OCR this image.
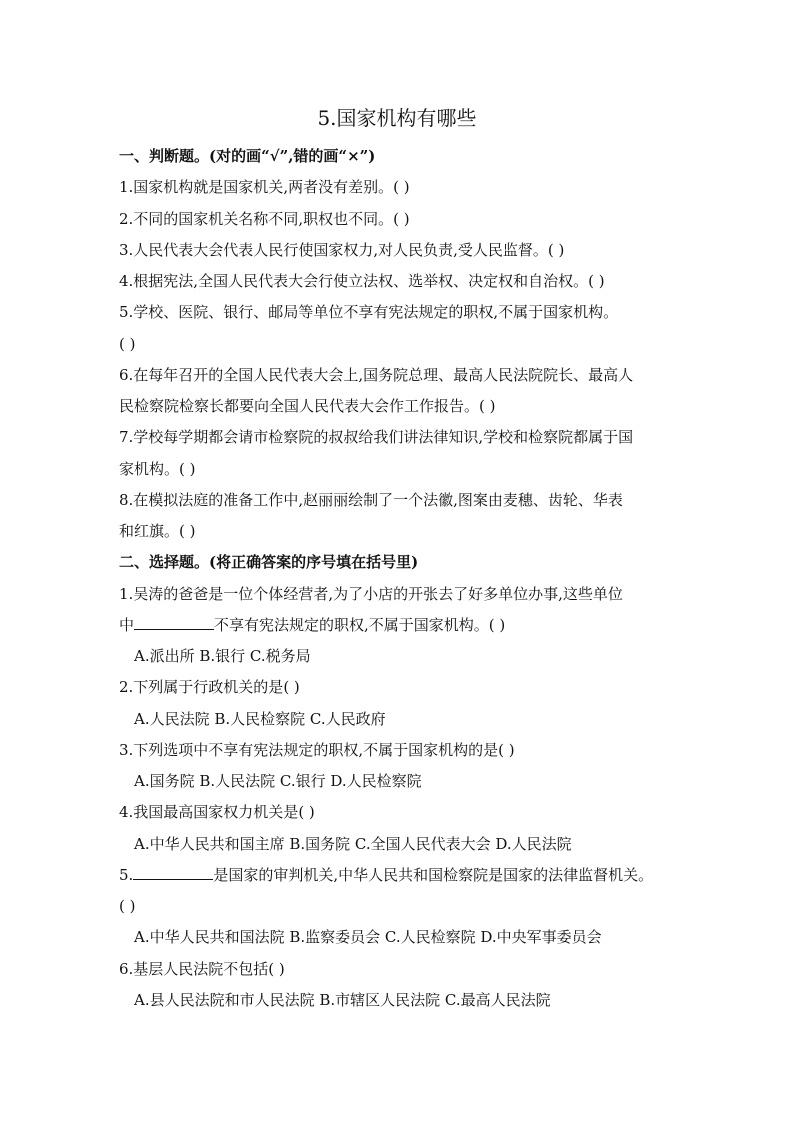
5.国家机构有哪些
一、判断题。(对的画“√”,错的画“×”)
1.国家机构就是国家机关,两者没有差别。( )
2.不同的国家机关名称不同,职权也不同。( )
3.人民代表大会代表人民行使国家权力,对人民负责,受人民监督。( )
4.根据宪法,全国人民代表大会行使立法权、选举权、决定权和自治权。( )
5.学校、医院、银行、邮局等单位不享有宪法规定的职权,不属于国家机构。
( )
6.在每年召开的全国人民代表大会上,国务院总理、最高人民法院院长、最高人
民检察院检察长都要向全国人民代表大会作工作报告。( )
7.学校每学期都会请市检察院的叔叔给我们讲法律知识,学校和检察院都属于国
家机构。( )
8.在模拟法庭的准备工作中,赵丽丽绘制了一个法徽,图案由麦穗、齿轮、华表
和红旗。( )
二、选择题。(将正确答案的序号填在括号里)
1.吴涛的爸爸是一位个体经营者,为了小店的开张去了好多单位办事,这些单位
中	不享有宪法规定的职权,不属于国家机构。( )
A.派出所 B.银行 C.税务局
2.下列属于行政机关的是( )
A.人民法院 B.人民检察院 C.人民政府
3.下列选项中不享有宪法规定的职权,不属于国家机构的是( )
A.国务院 B.人民法院 C.银行 D.人民检察院
4.我国最高国家权力机关是( )
A.中华人民共和国主席 B.国务院 C.全国人民代表大会 D.人民法院
5.	是国家的审判机关,中华人民共和国检察院是国家的法律监督机关。
( )
A.中华人民共和国法院 B.监察委员会 C.人民检察院 D.中央军事委员会
6.基层人民法院不包括( )
A.县人民法院和市人民法院 B.市辖区人民法院 C.最高人民法院
